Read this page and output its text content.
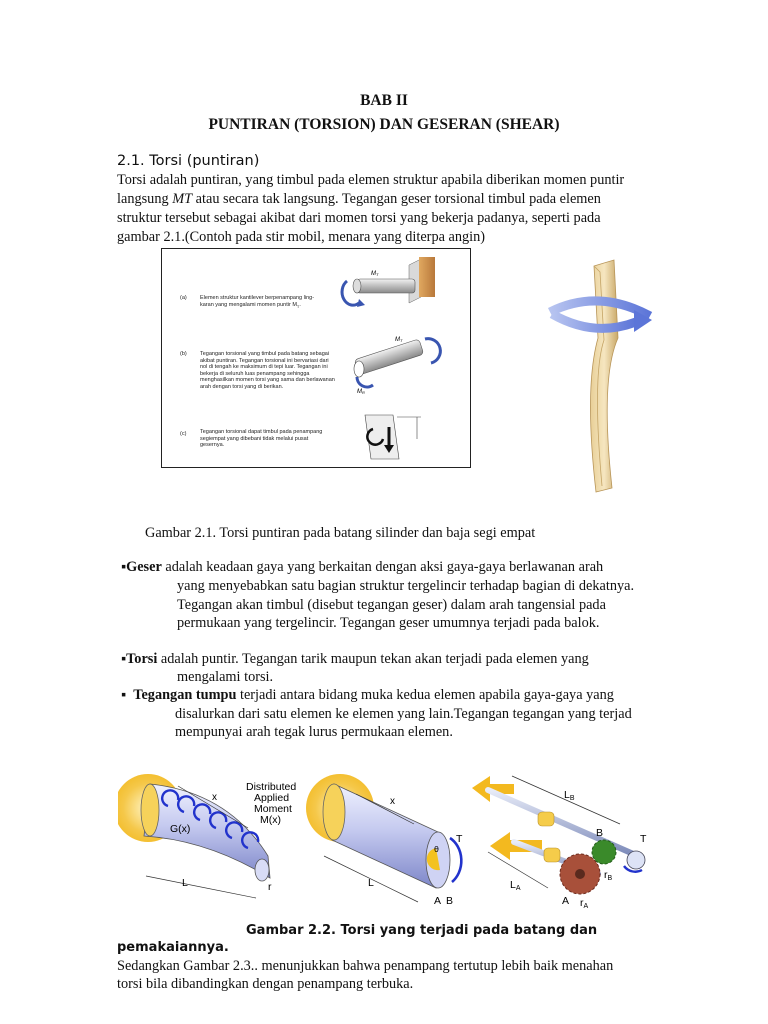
BAB II
PUNTIRAN (TORSION) DAN GESERAN (SHEAR)
2.1. Torsi (puntiran)
Torsi adalah puntiran, yang timbul pada elemen struktur apabila diberikan momen puntir
langsung MT atau secara tak langsung. Tegangan geser torsional timbul pada elemen
struktur tersebut sebagai akibat dari momen torsi yang bekerja padanya, seperti pada
gambar 2.1.(Contoh pada stir mobil, menara yang diterpa angin)
(a) Elemen struktur kantilever berpenampang ling-karan yang mengalami momen puntir $M_T$.
(b) Tegangan torsional yang timbul pada batang sebagai akibat puntiran. Tegangan torsional ini bervariasi dari nol di tengah ke maksimum di tepi luar. Tegangan ini bekerja di seluruh luas penampang sehingga menghasilkan momen torsi yang sama dan berlawanan arah dengan torsi yang di berikan.
(c) Tegangan torsional dapat timbul pada penampang segiempat yang dibebani tidak melalui pusat gesernya.
MT
MT
MR
Gambar 2.1. Torsi puntiran pada batang silinder dan baja segi empat
▪Geser adalah keadaan gaya yang berkaitan dengan aksi gaya-gaya berlawanan arah
yang menyebabkan satu bagian struktur tergelincir terhadap bagian di dekatnya.
Tegangan akan timbul (disebut tegangan geser) dalam arah tangensial pada
permukaan yang tergelincir. Tegangan geser umumnya terjadi pada balok.
▪Torsi adalah puntir. Tegangan tarik maupun tekan akan terjadi pada elemen yang
mengalami torsi.
▪ Tegangan tumpu terjadi antara bidang muka kedua elemen apabila gaya-gaya yang
disalurkan dari satu elemen ke elemen yang lain.Tegangan tegangan yang terjad
mempunyai arah tegak lurus permukaan elemen.
x
G(x)
Distributed
Applied
Moment
M(x)
L	r
x
T
θ
L
A B
LB
LA
B	T
rB
A rA
Gambar 2.2. Torsi yang terjadi pada batang dan
pemakaiannya.
Sedangkan Gambar 2.3.. menunjukkan bahwa penampang tertutup lebih baik menahan
torsi bila dibandingkan dengan penampang terbuka.
